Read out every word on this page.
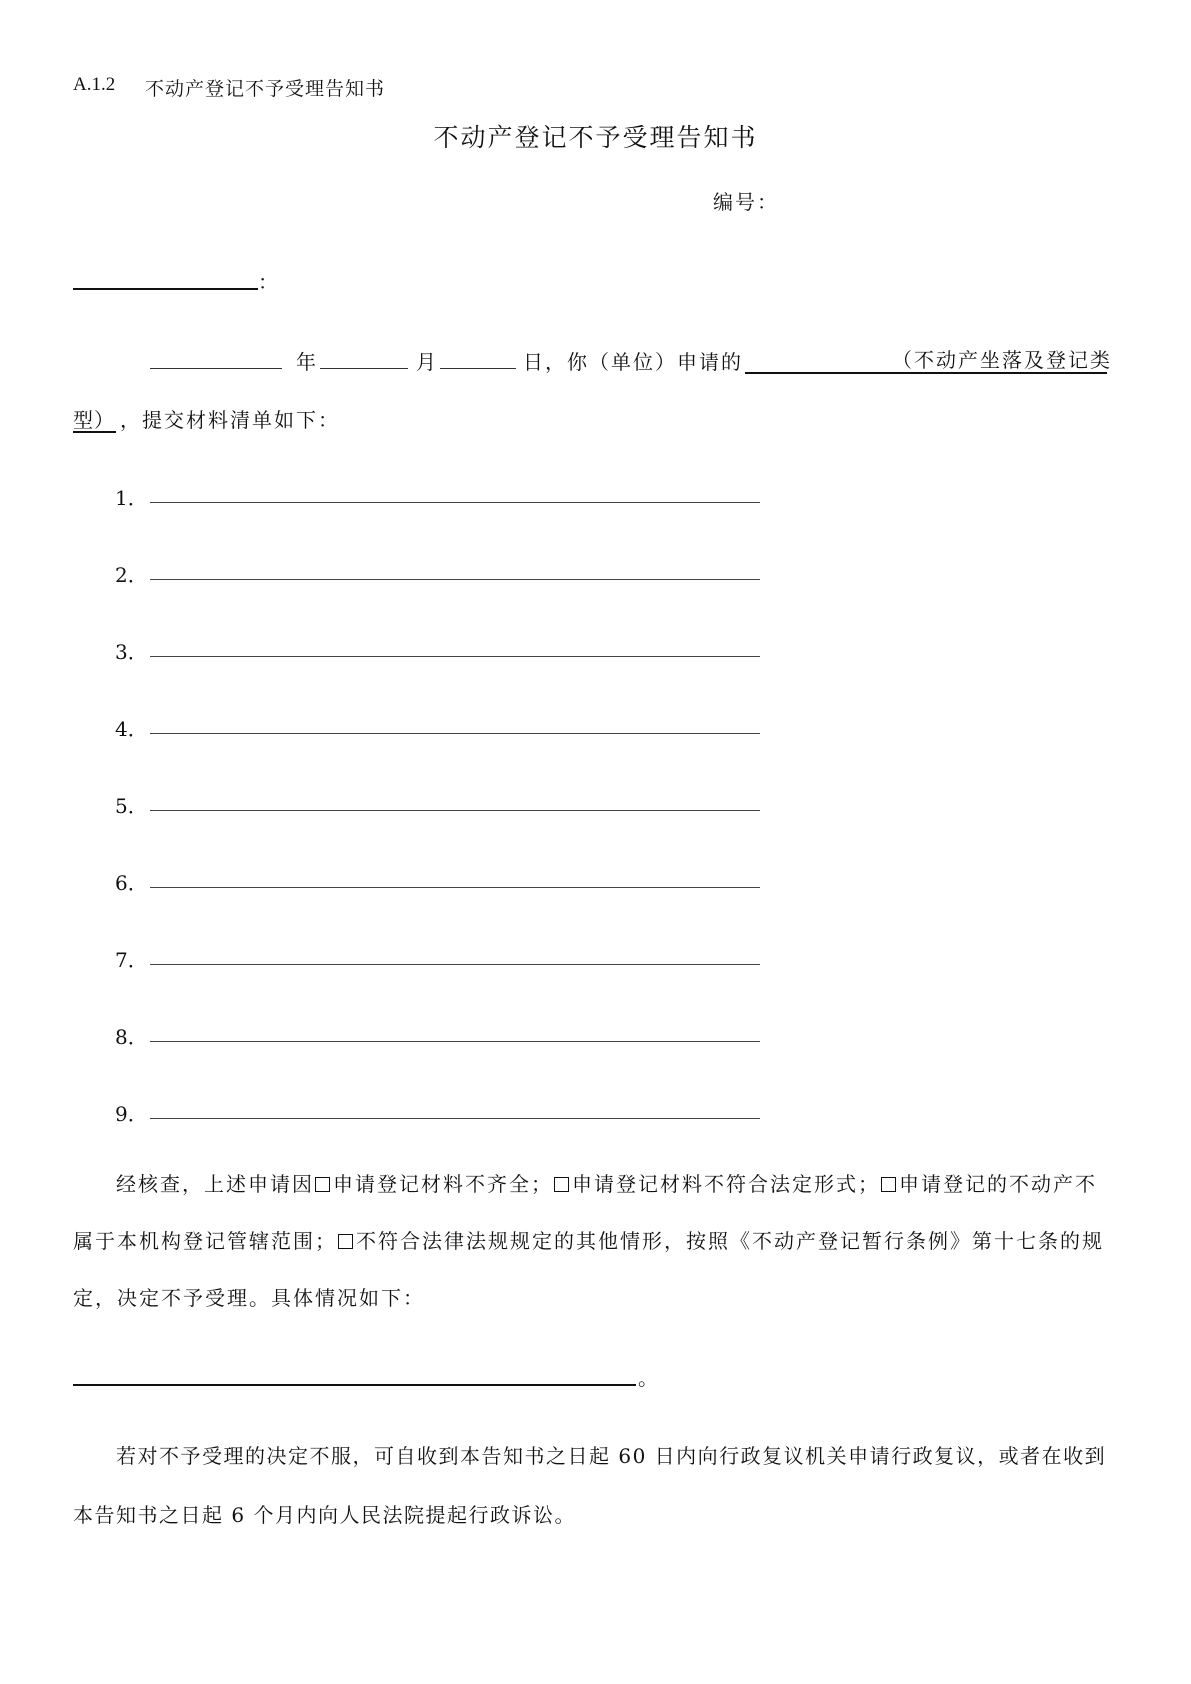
A.1.2 不动产登记不予受理告知书
不动产登记不予受理告知书
编号：
：
年	月	日，你（单位）申请的	（不动产坐落及登记类
型） ，提交材料清单如下：
1．
2．
3．
4．
5．
6．
7．
8．
9．
经核查，上述申请因 申请登记材料不齐全； 申请登记材料不符合法定形式； 申请登记的不动产不
属于本机构登记管辖范围； 不符合法律法规规定的其他情形，按照《不动产登记暂行条例》第十七条的规
定，决定不予受理。具体情况如下：
。
若对不予受理的决定不服，可自收到本告知书之日起 60 日内向行政复议机关申请行政复议，或者在收到
本告知书之日起 6 个月内向人民法院提起行政诉讼。
